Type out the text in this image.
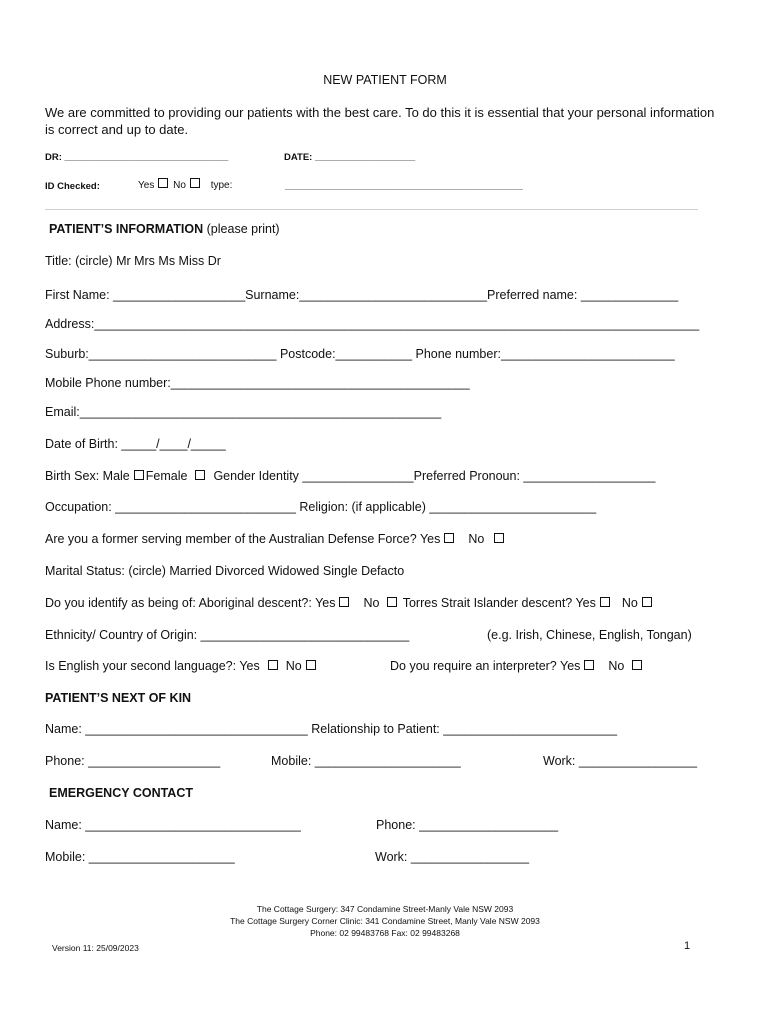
NEW PATIENT FORM
We are committed to providing our patients with the best care. To do this it is essential that your personal information is correct and up to date.
DR: _______________________________	DATE: ___________________
ID Checked:	Yes No type:	_____________________________________________
PATIENT’S INFORMATION (please print)
Title: (circle) Mr Mrs Ms Miss Dr
First Name: ___________________Surname:___________________________Preferred name: ______________
Address:_______________________________________________________________________________________
Suburb:___________________________ Postcode:___________ Phone number:_________________________
Mobile Phone number:___________________________________________
Email:____________________________________________________
Date of Birth: _____/____/_____
Birth Sex: Male Female Gender Identity ________________Preferred Pronoun: ___________________
Occupation: __________________________ Religion: (if applicable) ________________________
Are you a former serving member of the Australian Defense Force? Yes No
Marital Status: (circle) Married Divorced Widowed Single Defacto
Do you identify as being of: Aboriginal descent?: Yes No Torres Strait Islander descent? Yes No
Ethnicity/ Country of Origin: ______________________________	(e.g. Irish, Chinese, English, Tongan)
Is English your second language?: Yes No	Do you require an interpreter? Yes No
PATIENT’S NEXT OF KIN
Name: ________________________________ Relationship to Patient: _________________________
Phone: ___________________	Mobile: _____________________	Work: _________________
EMERGENCY CONTACT
Name: _______________________________	Phone: ____________________
Mobile: _____________________	Work: _________________
The Cottage Surgery: 347 Condamine Street-Manly Vale NSW 2093
The Cottage Surgery Corner Clinic: 341 Condamine Street, Manly Vale NSW 2093
Phone: 02 99483768 Fax: 02 99483268
Version 11: 25/09/2023	1
